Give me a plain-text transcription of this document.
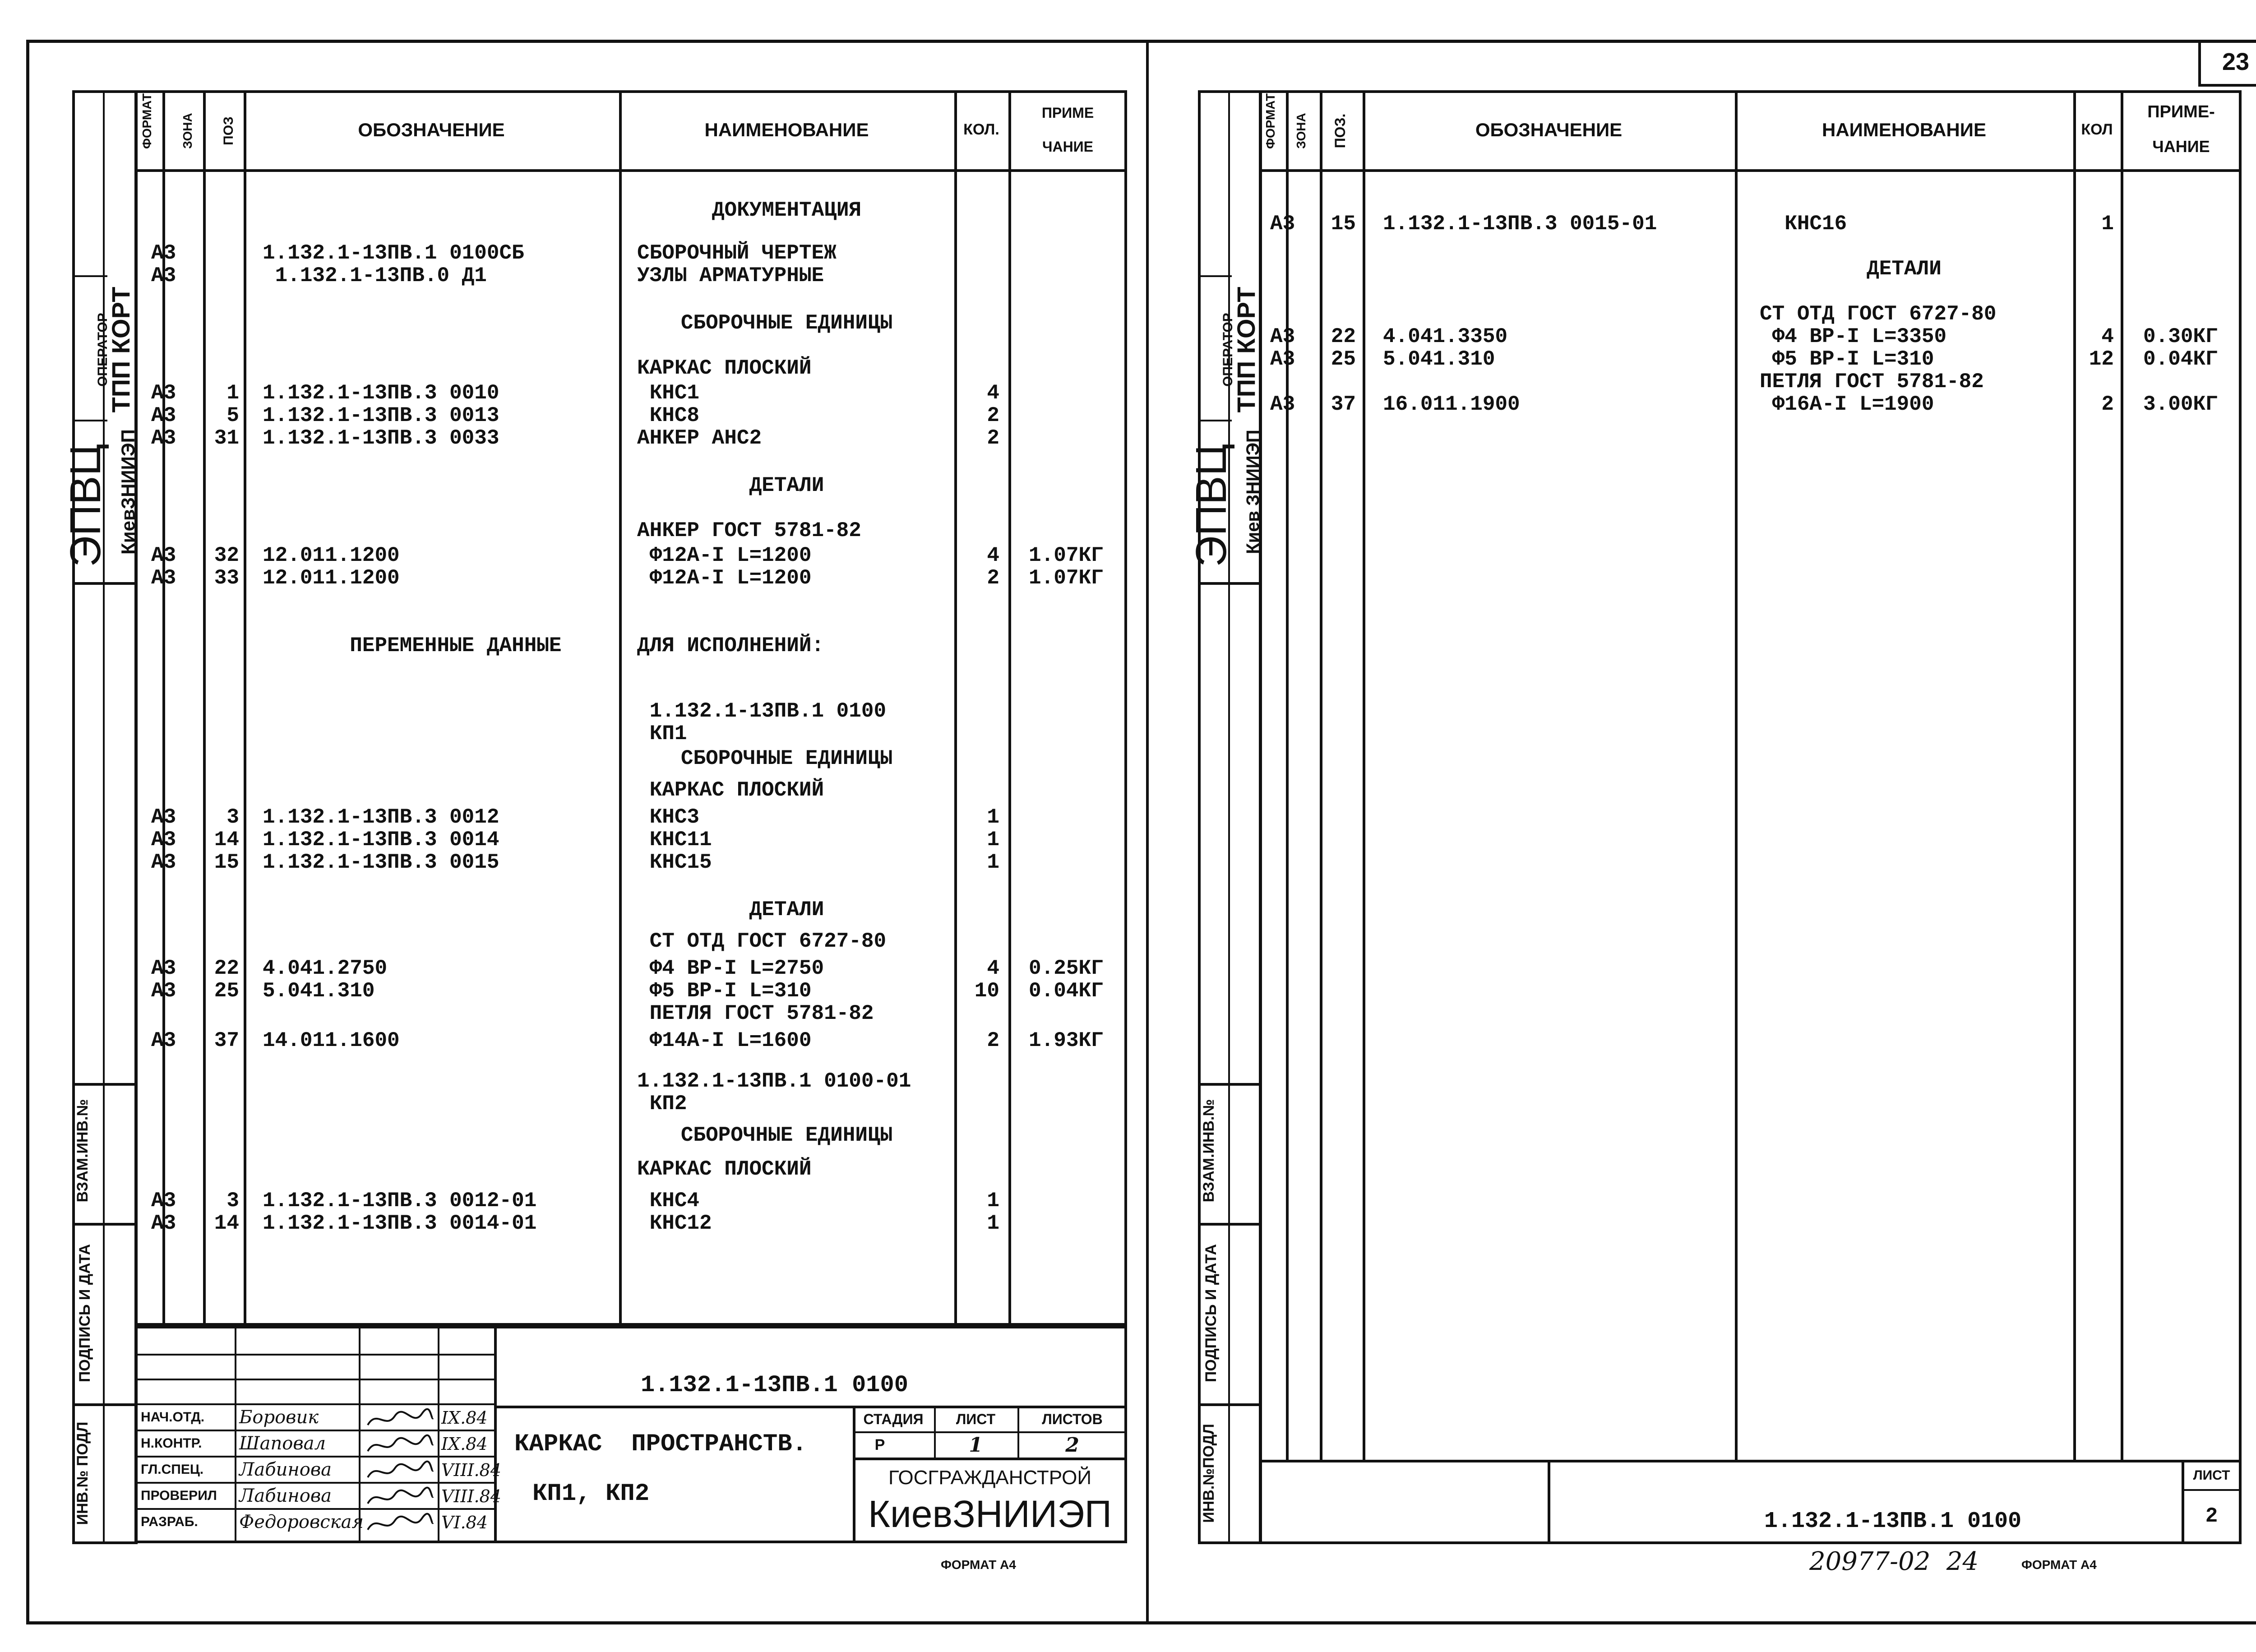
23
ОПЕРАТОР
ТПП КОРТ
ЭПВЦ КиевЗНИИЭП
ВЗАМ.ИНВ.№
ПОДПИСЬ И ДАТА
ИНВ.№ ПОДЛ
ФОРМАТ	ЗОНА	ПОЗ	ОБОЗНАЧЕНИЕ	НАИМЕНОВАНИЕ	КОЛ.
ПРИМЕ
ЧАНИЕ
ДОКУМЕНТАЦИЯ
А3	1.132.1-13ПВ.1 0100СБ	СБОРОЧНЫЙ ЧЕРТЕЖ
А3	1.132.1-13ПВ.0 Д1	УЗЛЫ АРМАТУРНЫЕ
СБОРОЧНЫЕ ЕДИНИЦЫ
КАРКАС ПЛОСКИЙ
А3	1 1.132.1-13ПВ.3 0010	КНС1	4
А3	5 1.132.1-13ПВ.3 0013	КНС8	2
А3	31 1.132.1-13ПВ.3 0033	АНКЕР АНС2	2
ДЕТАЛИ
АНКЕР ГОСТ 5781-82
А3	32 12.011.1200	Ф12А-I L=1200	4 1.07КГ
А3	33 12.011.1200	Ф12А-I L=1200	2 1.07КГ
ПЕРЕМЕННЫЕ ДАННЫЕ	ДЛЯ ИСПОЛНЕНИЙ:
1.132.1-13ПВ.1 0100
КП1
СБОРОЧНЫЕ ЕДИНИЦЫ
КАРКАС ПЛОСКИЙ
А3	3 1.132.1-13ПВ.3 0012	КНС3	1
А3	14 1.132.1-13ПВ.3 0014	КНС11	1
А3	15 1.132.1-13ПВ.3 0015	КНС15	1
ДЕТАЛИ
СТ ОТД ГОСТ 6727-80
А3	22 4.041.2750	Ф4 BP-I L=2750	4 0.25КГ
А3	25 5.041.310	Ф5 BP-I L=310	10 0.04КГ
ПЕТЛЯ ГОСТ 5781-82
А3	37 14.011.1600	Ф14А-I L=1600	2 1.93КГ
1.132.1-13ПВ.1 0100-01
КП2
СБОРОЧНЫЕ ЕДИНИЦЫ
КАРКАС ПЛОСКИЙ
А3	3 1.132.1-13ПВ.3 0012-01	КНС4	1
А3	14 1.132.1-13ПВ.3 0014-01	КНС12	1
НАЧ.ОТД. Боровик	IX.84
Н.КОНТР. Шаповал	IX.84
ГЛ.СПЕЦ. Лабинова	VIII.84
ПРОВЕРИЛ Лабинова	VIII.84
РАЗРАБ. Федоровская	VI.84
1.132.1-13ПВ.1 0100
КАРКАС  ПРОСТРАНСТВ.
КП1, КП2
СТАДИЯ	ЛИСТ	ЛИСТОВ
Р	1	2
ГОСГРАЖДАНСТРОЙ
КиевЗНИИЭП
ФОРМАТ А4
ОПЕРАТОР
ТПП КОРТ
ЭПВЦ Киев ЗНИИЭП
ВЗАМ.ИНВ.№
ПОДПИСЬ И ДАТА
ИНВ.№ПОДЛ
ФОРМАТ	ЗОНА ПОЗ.	ОБОЗНАЧЕНИЕ	НАИМЕНОВАНИЕ	КОЛ
ПРИМЕ-
ЧАНИЕ
А3	15 1.132.1-13ПВ.3 0015-01	КНС16	1
ДЕТАЛИ
СТ ОТД ГОСТ 6727-80
А3	22 4.041.3350	Ф4 BP-I L=3350	4 0.30КГ
А3	25 5.041.310	Ф5 BP-I L=310	12 0.04КГ
ПЕТЛЯ ГОСТ 5781-82
А3	37 16.011.1900	Ф16А-I L=1900	2 3.00КГ
ЛИСТ
2
1.132.1-13ПВ.1 0100
20977-02  24	ФОРМАТ А4
